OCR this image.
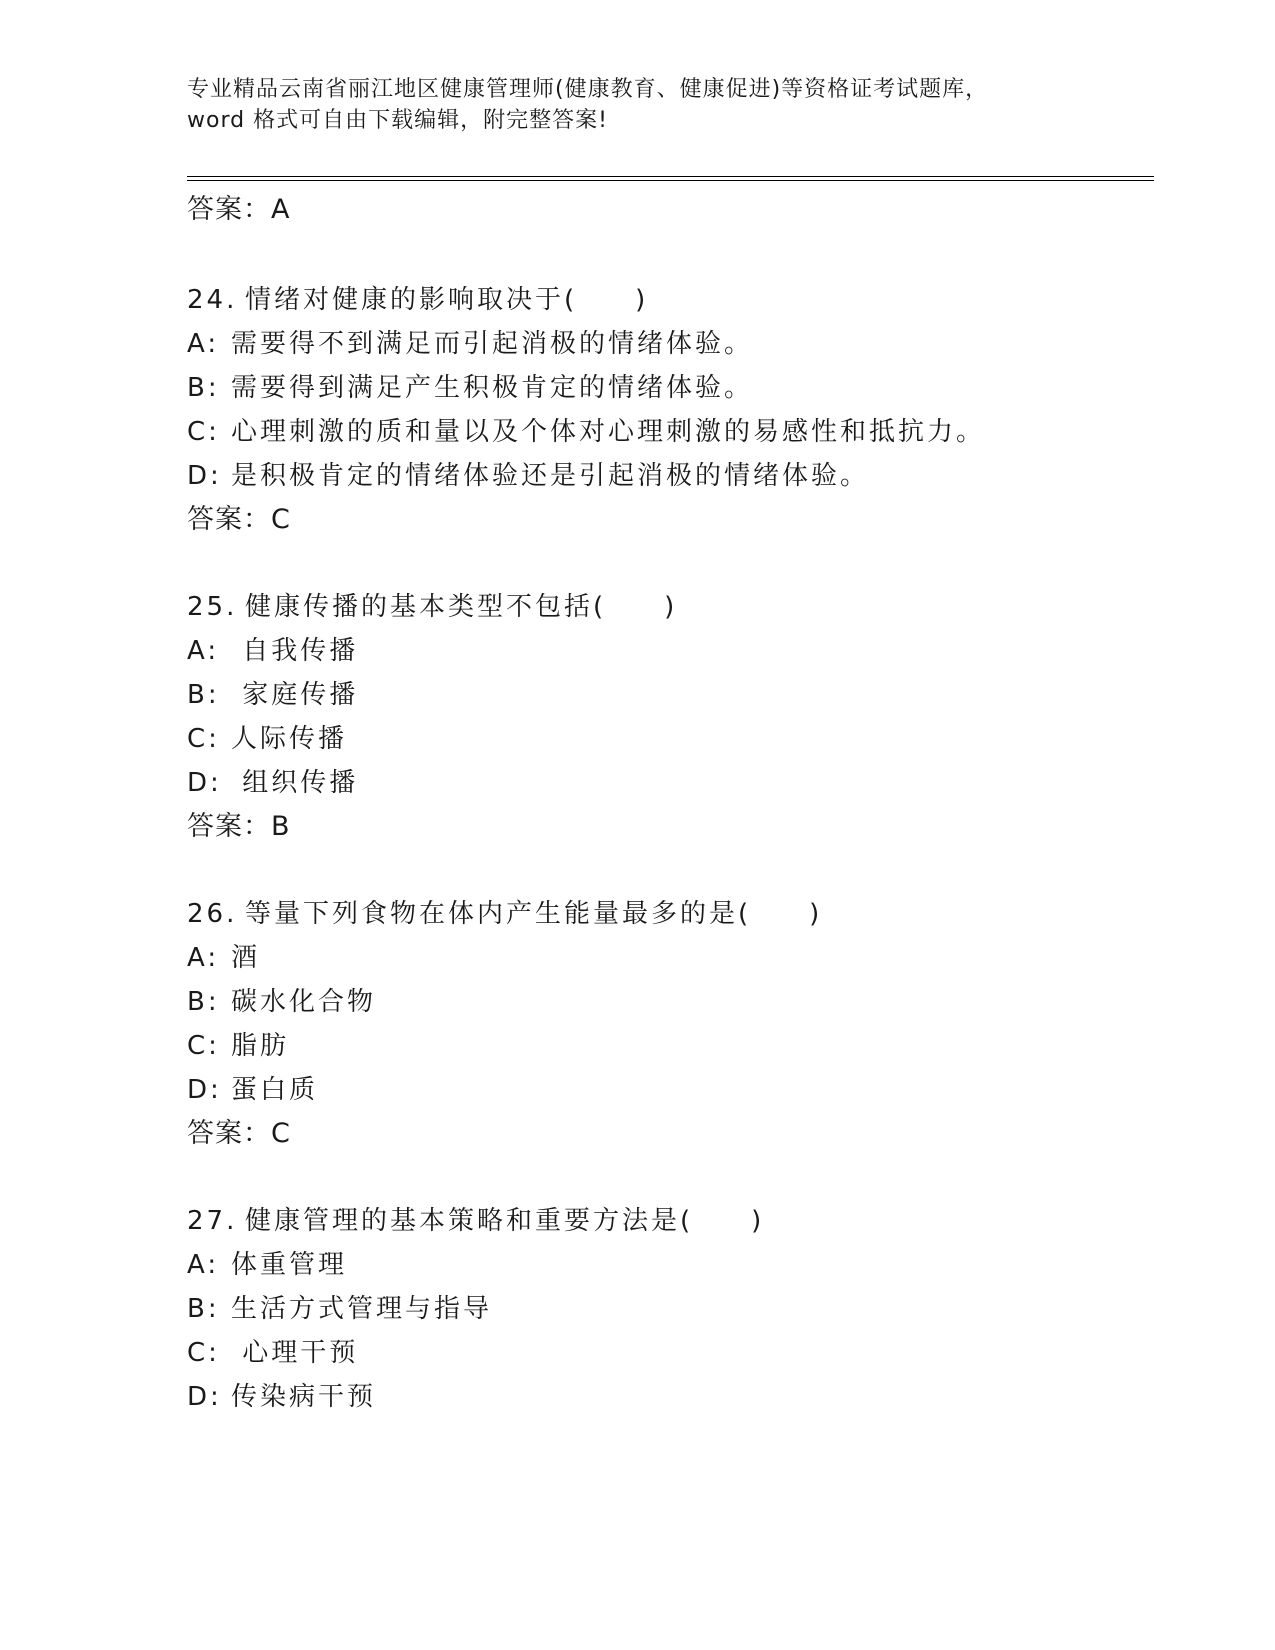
专业精品云南省丽江地区健康管理师(健康教育、健康促进)等资格证考试题库，
word 格式可自由下载编辑，附完整答案!
答案：A
24. 情绪对健康的影响取决于(　　)
A: 需要得不到满足而引起消极的情绪体验。
B: 需要得到满足产生积极肯定的情绪体验。
C: 心理刺激的质和量以及个体对心理刺激的易感性和抵抗力。
D: 是积极肯定的情绪体验还是引起消极的情绪体验。
答案：C
25. 健康传播的基本类型不包括(　　)
A: 自我传播
B: 家庭传播
C: 人际传播
D: 组织传播
答案：B
26. 等量下列食物在体内产生能量最多的是(　　)
A: 酒
B: 碳水化合物
C: 脂肪
D: 蛋白质
答案：C
27. 健康管理的基本策略和重要方法是(　　)
A: 体重管理
B: 生活方式管理与指导
C: 心理干预
D: 传染病干预
